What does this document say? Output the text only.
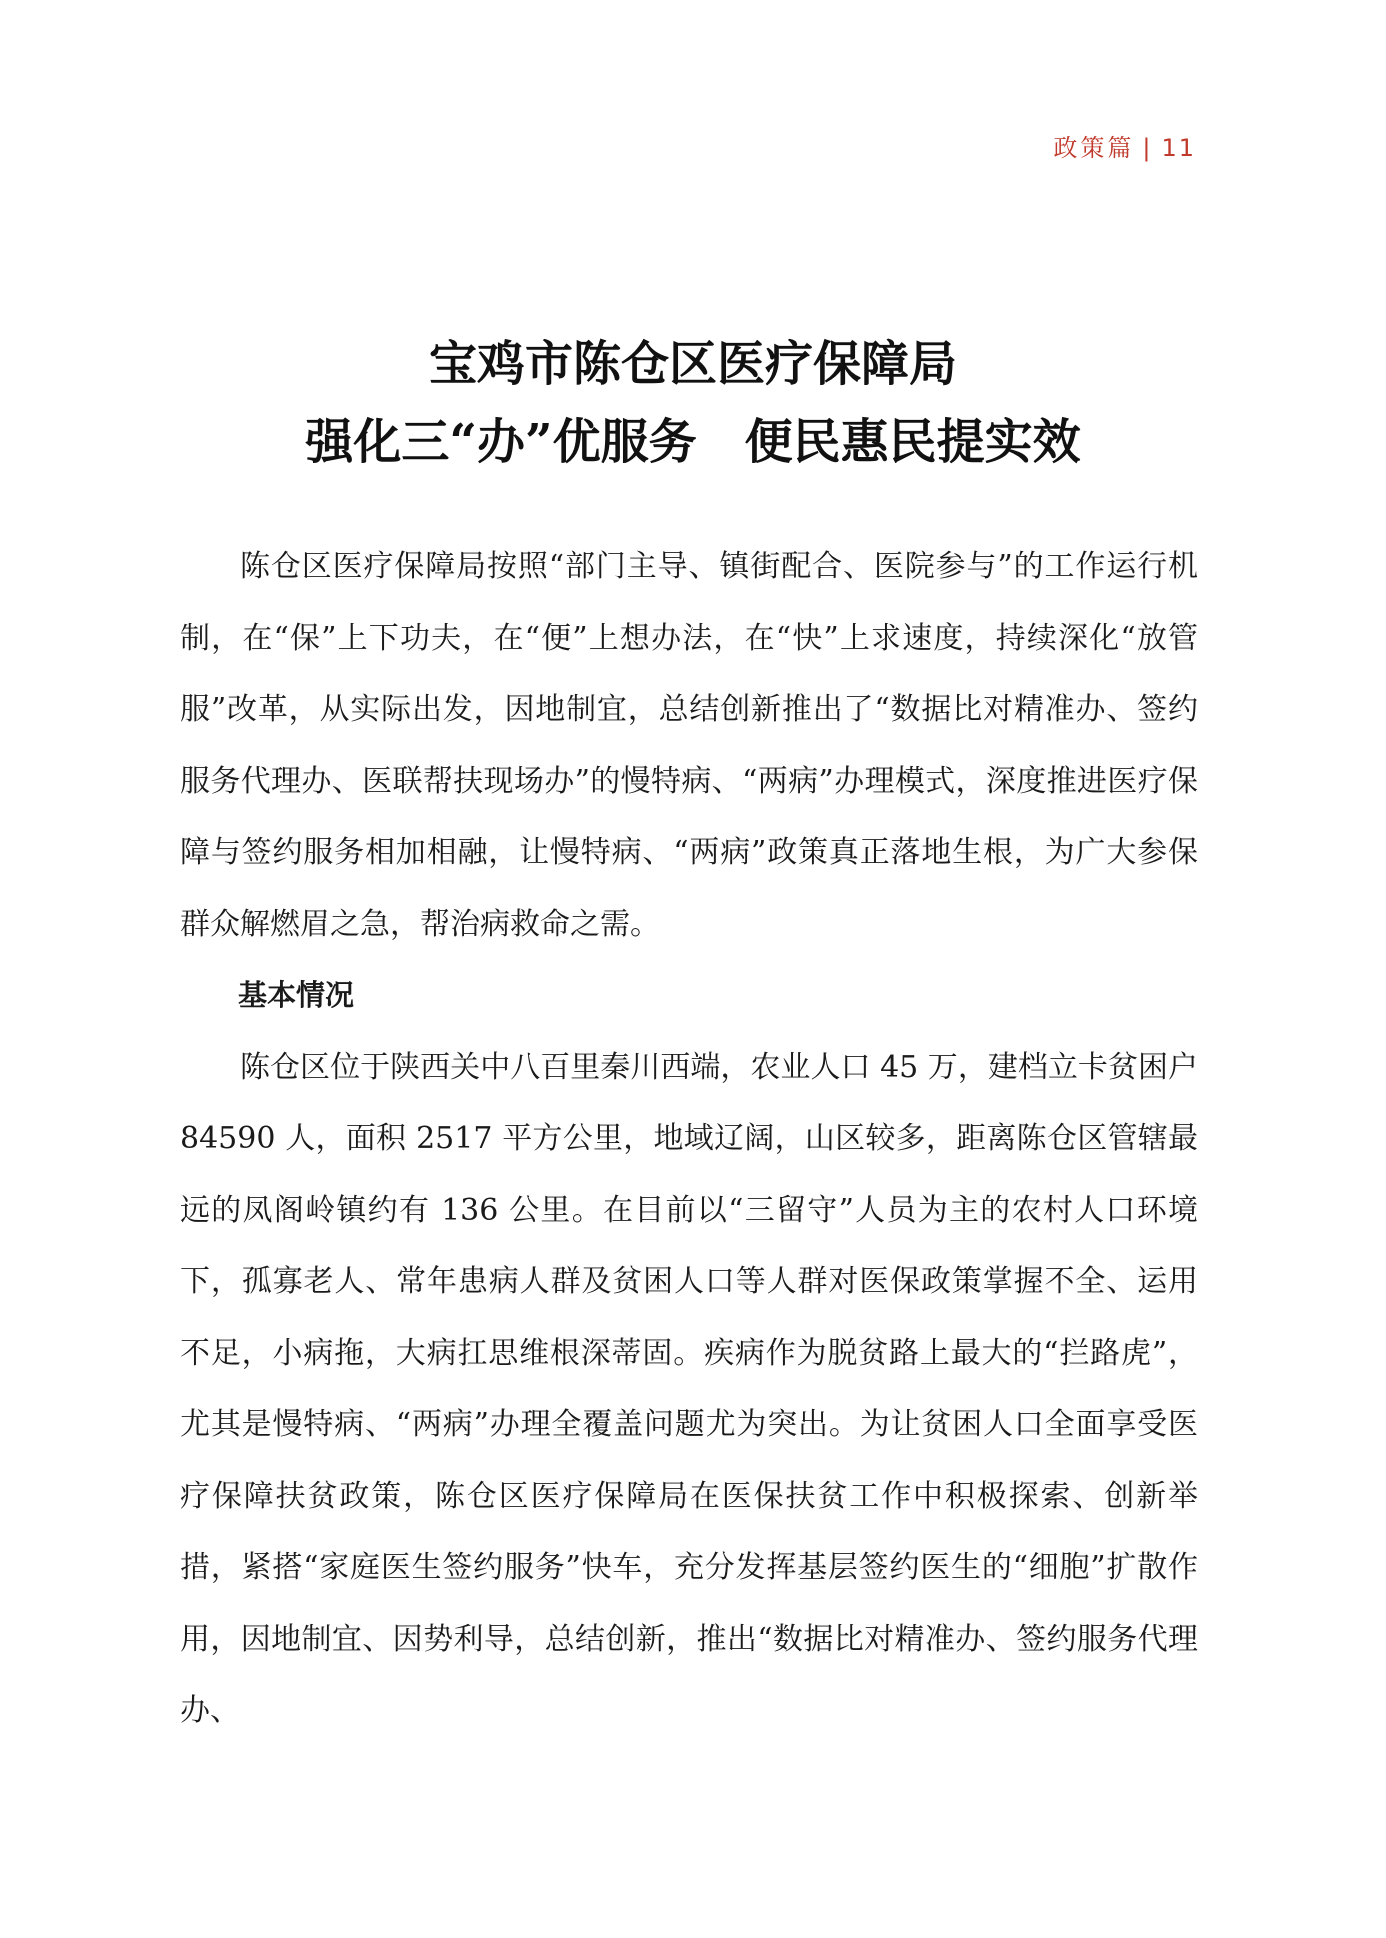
政策篇 | 11
宝鸡市陈仓区医疗保障局
强化三“办”优服务　便民惠民提实效

陈仓区医疗保障局按照“部门主导、镇街配合、医院参与”的工作运行机制，在“保”上下功夫，在“便”上想办法，在“快”上求速度，持续深化“放管服”改革，从实际出发，因地制宜，总结创新推出了“数据比对精准办、签约服务代理办、医联帮扶现场办”的慢特病、“两病”办理模式，深度推进医疗保障与签约服务相加相融，让慢特病、“两病”政策真正落地生根，为广大参保群众解燃眉之急，帮治病救命之需。

基本情况

陈仓区位于陕西关中八百里秦川西端，农业人口 45 万，建档立卡贫困户 84590 人，面积 2517 平方公里，地域辽阔，山区较多，距离陈仓区管辖最远的凤阁岭镇约有 136 公里。在目前以“三留守”人员为主的农村人口环境下，孤寡老人、常年患病人群及贫困人口等人群对医保政策掌握不全、运用不足，小病拖，大病扛思维根深蒂固。疾病作为脱贫路上最大的“拦路虎”，尤其是慢特病、“两病”办理全覆盖问题尤为突出。为让贫困人口全面享受医疗保障扶贫政策，陈仓区医疗保障局在医保扶贫工作中积极探索、创新举措，紧搭“家庭医生签约服务”快车，充分发挥基层签约医生的“细胞”扩散作用，因地制宜、因势利导，总结创新，推出“数据比对精准办、签约服务代理办、
